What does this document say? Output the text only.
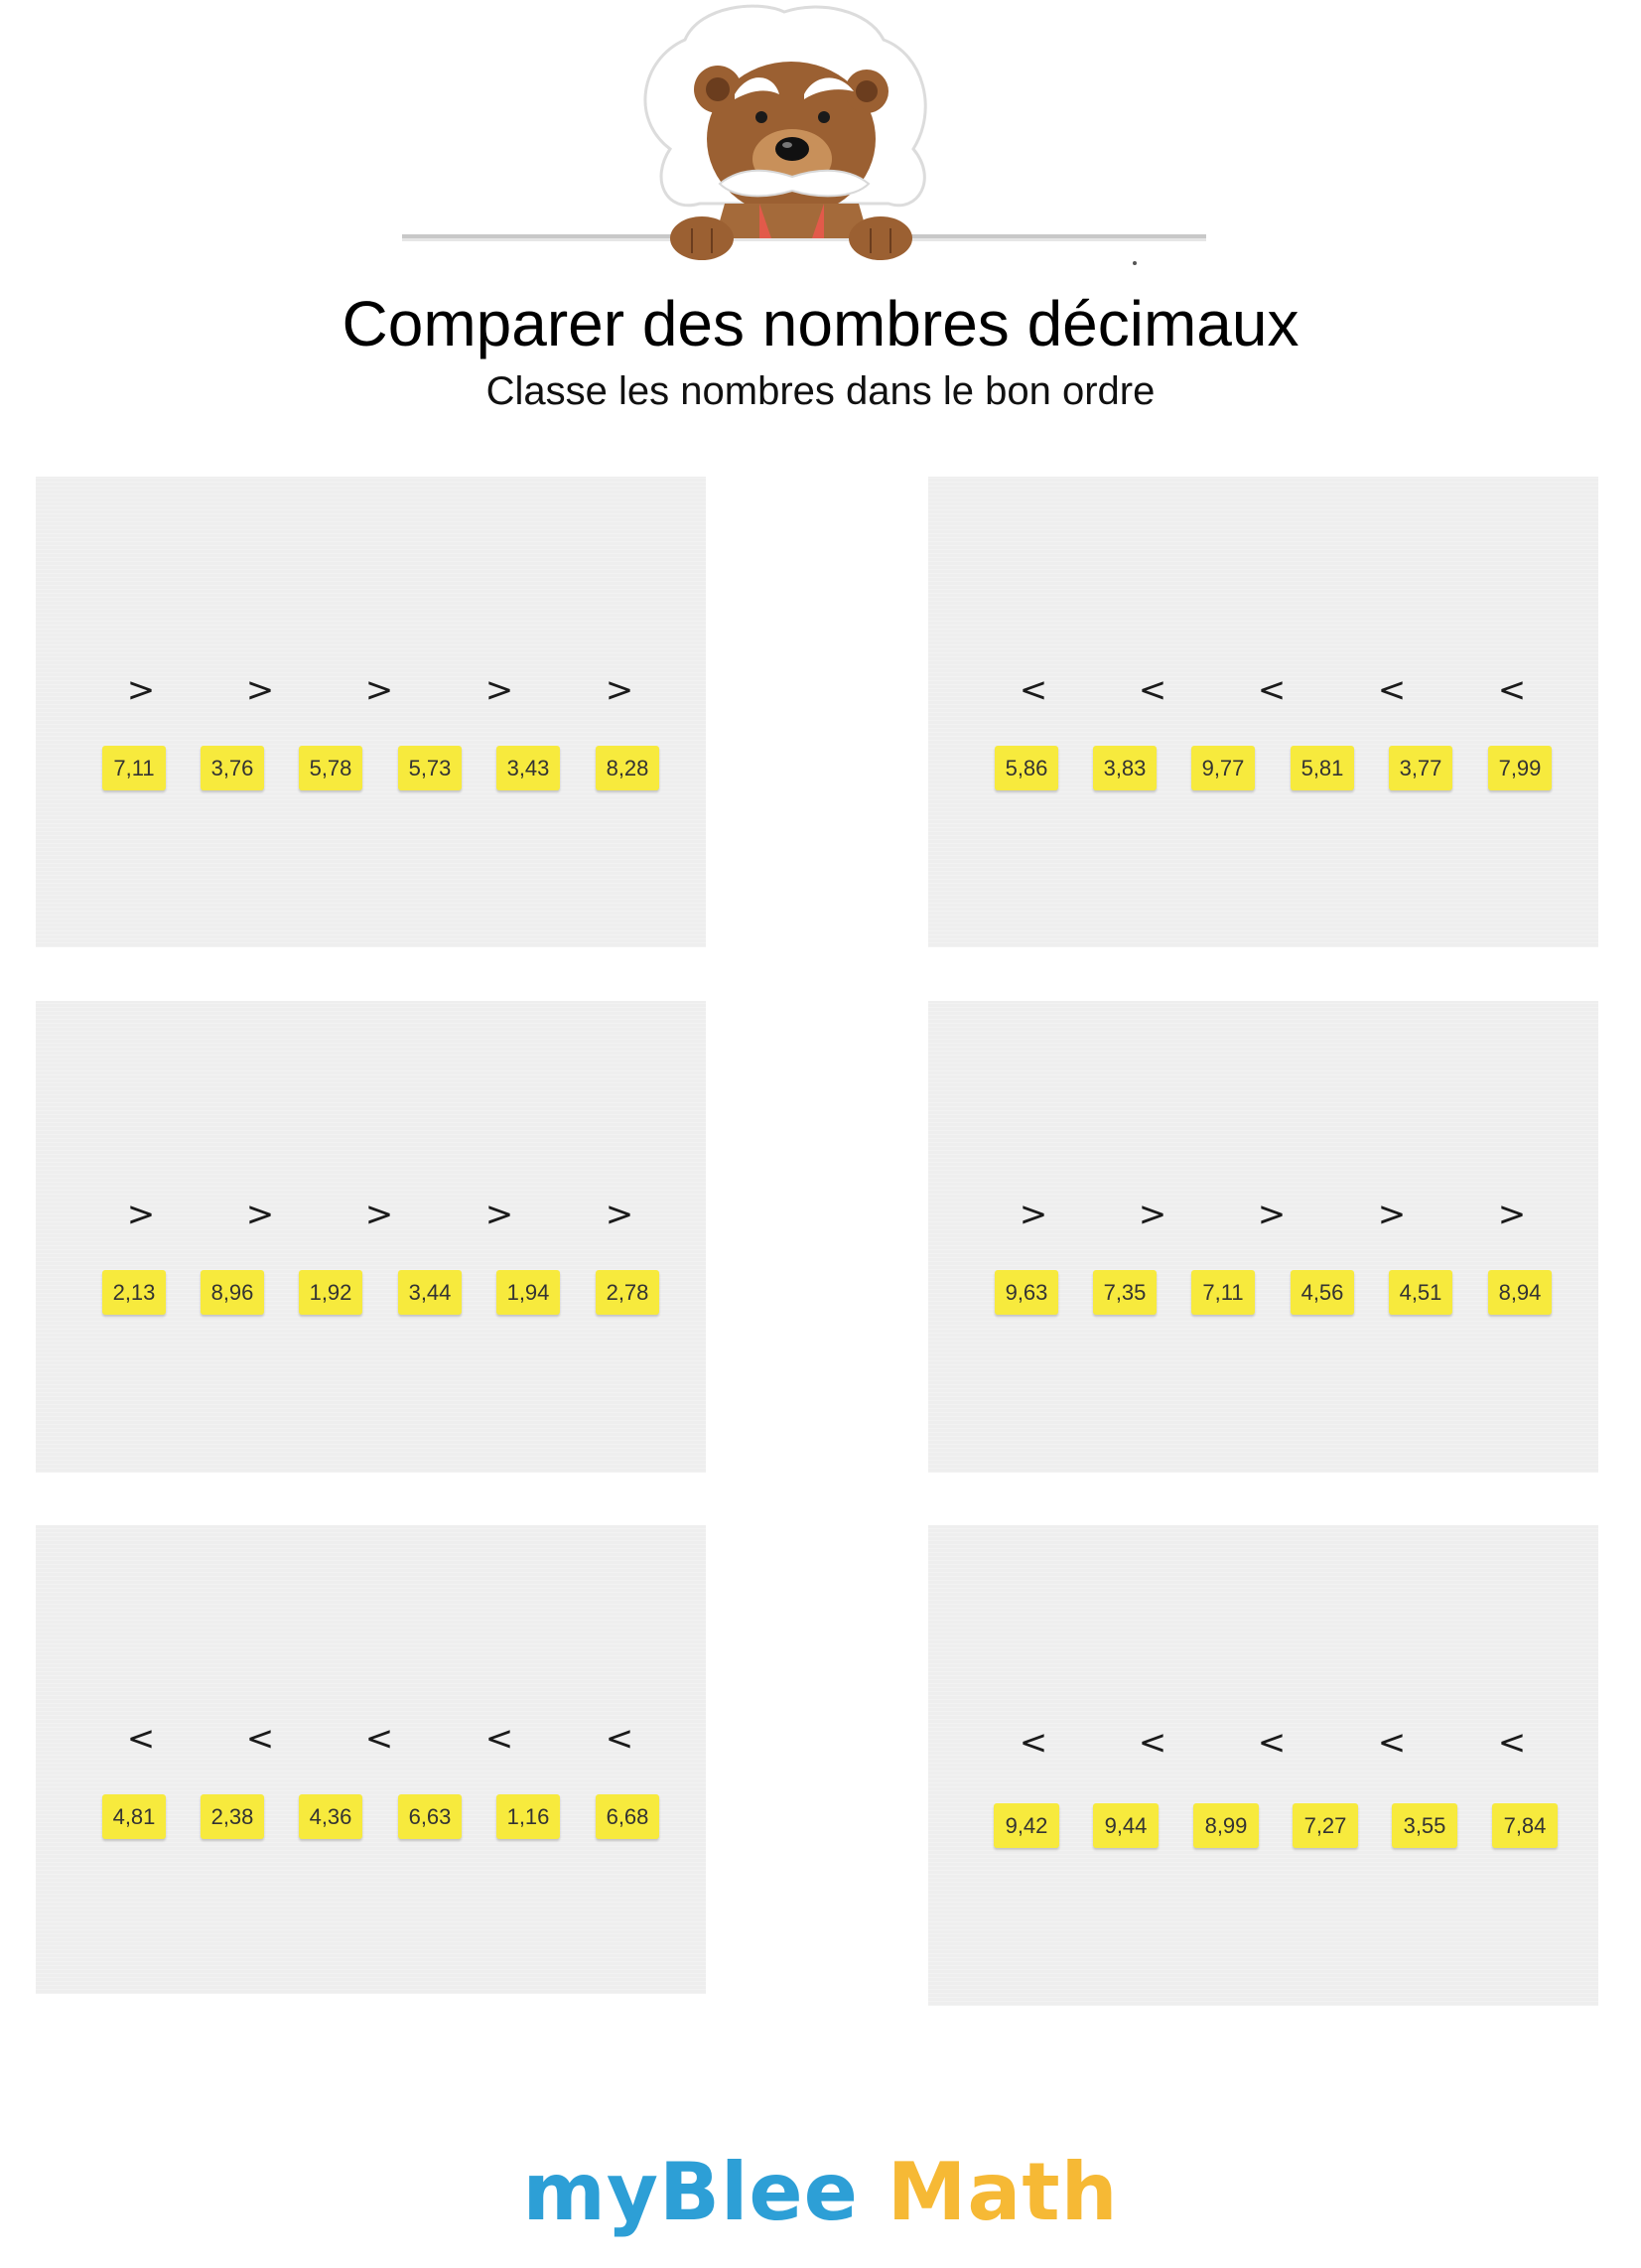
Comparer des nombres décimaux
Classe les nombres dans le bon ordre
>	>	>	>	>
7,11	3,76	5,78	5,73	3,43	8,28
<	<	<	<	<
5,86	3,83	9,77	5,81	3,77	7,99
>	>	>	>	>
2,13	8,96	1,92	3,44	1,94	2,78
>	>	>	>	>
9,63	7,35	7,11	4,56	4,51	8,94
<	<	<	<	<
4,81	2,38	4,36	6,63	1,16	6,68
<	<	<	<	<
9,42	9,44	8,99	7,27	3,55	7,84
myBlee Math
